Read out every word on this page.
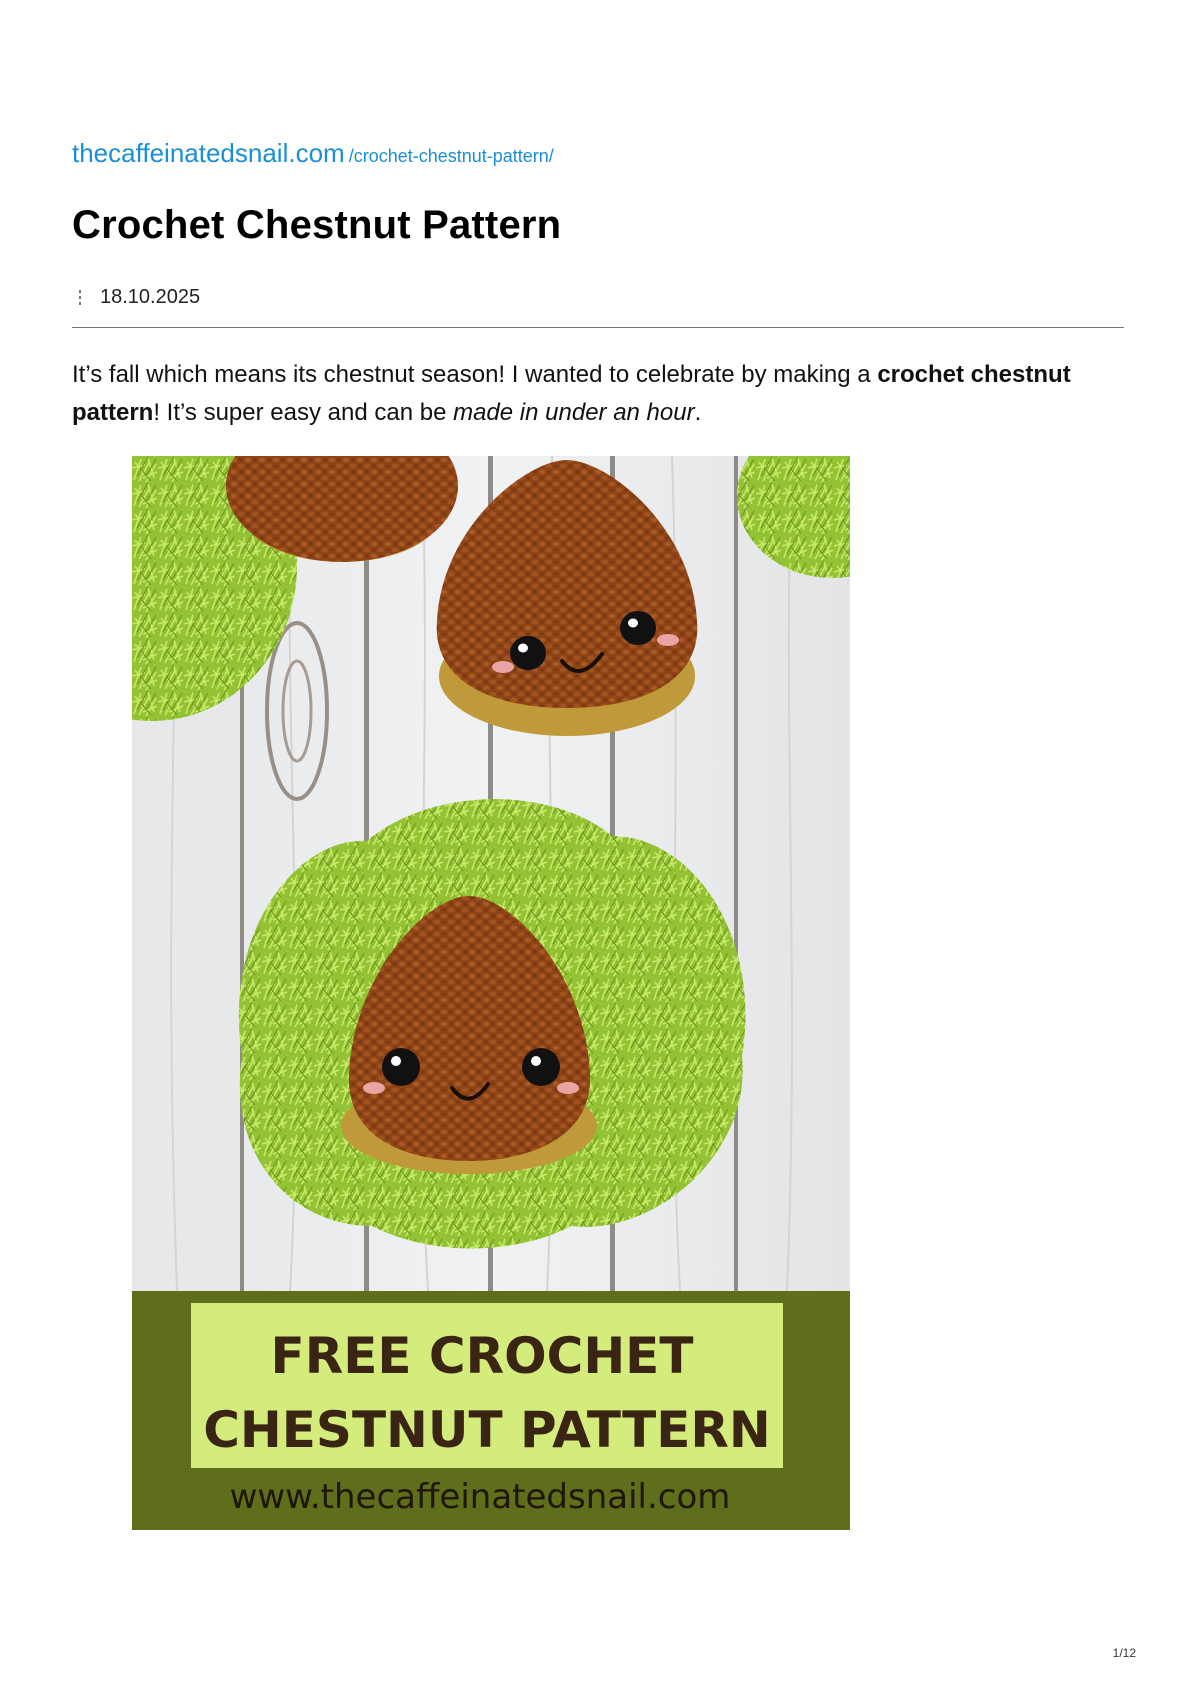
thecaffeinatedsnail.com /crochet-chestnut-pattern/
Crochet Chestnut Pattern
18.10.2025

It’s fall which means its chestnut season! I wanted to celebrate by making a crochet chestnut pattern! It’s super easy and can be made in under an hour.

FREE CROCHET
CHESTNUT PATTERN
www.thecaffeinatedsnail.com
1/12
